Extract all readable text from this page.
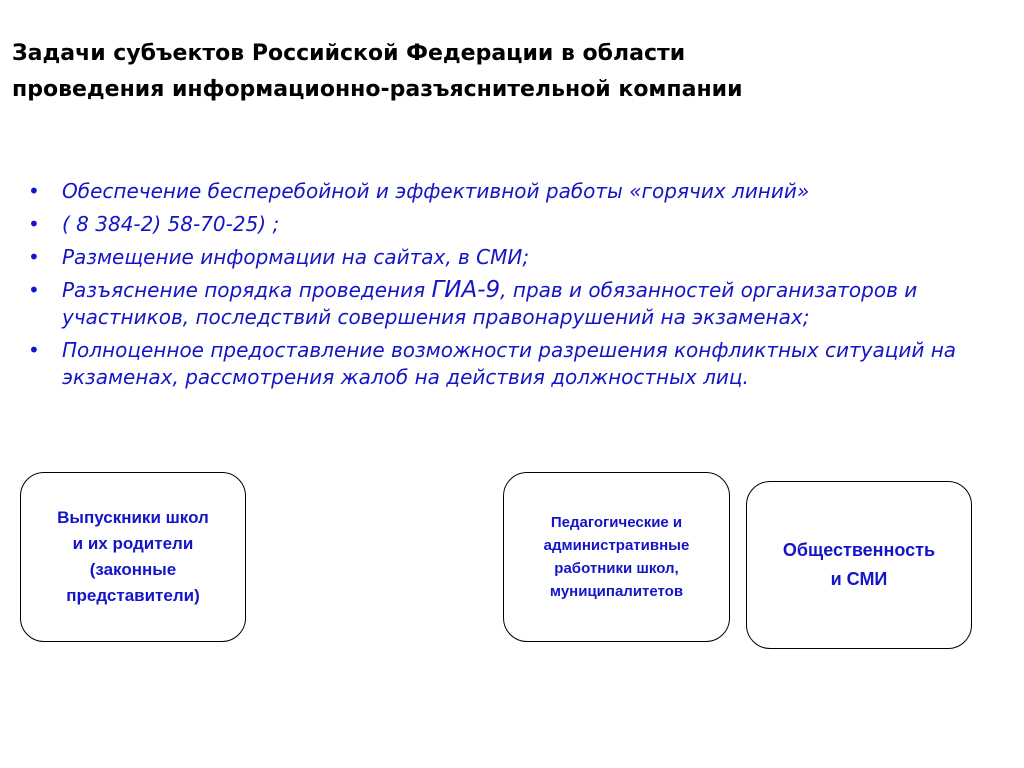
Задачи субъектов Российской Федерации в области
проведения информационно-разъяснительной компании
• Обеспечение бесперебойной и эффективной работы «горячих линий»
• ( 8 384-2) 58-70-25) ;
• Размещение информации на сайтах, в СМИ;
• Разъяснение порядка проведения ГИА-9, прав и обязанностей организаторов и участников, последствий совершения правонарушений на экзаменах;
• Полноценное предоставление возможности разрешения конфликтных ситуаций на экзаменах, рассмотрения жалоб на действия должностных лиц.
Выпускники школ
и их родители
(законные
представители)
Педагогические и
административные
работники школ,
муниципалитетов
Общественность
и СМИ
